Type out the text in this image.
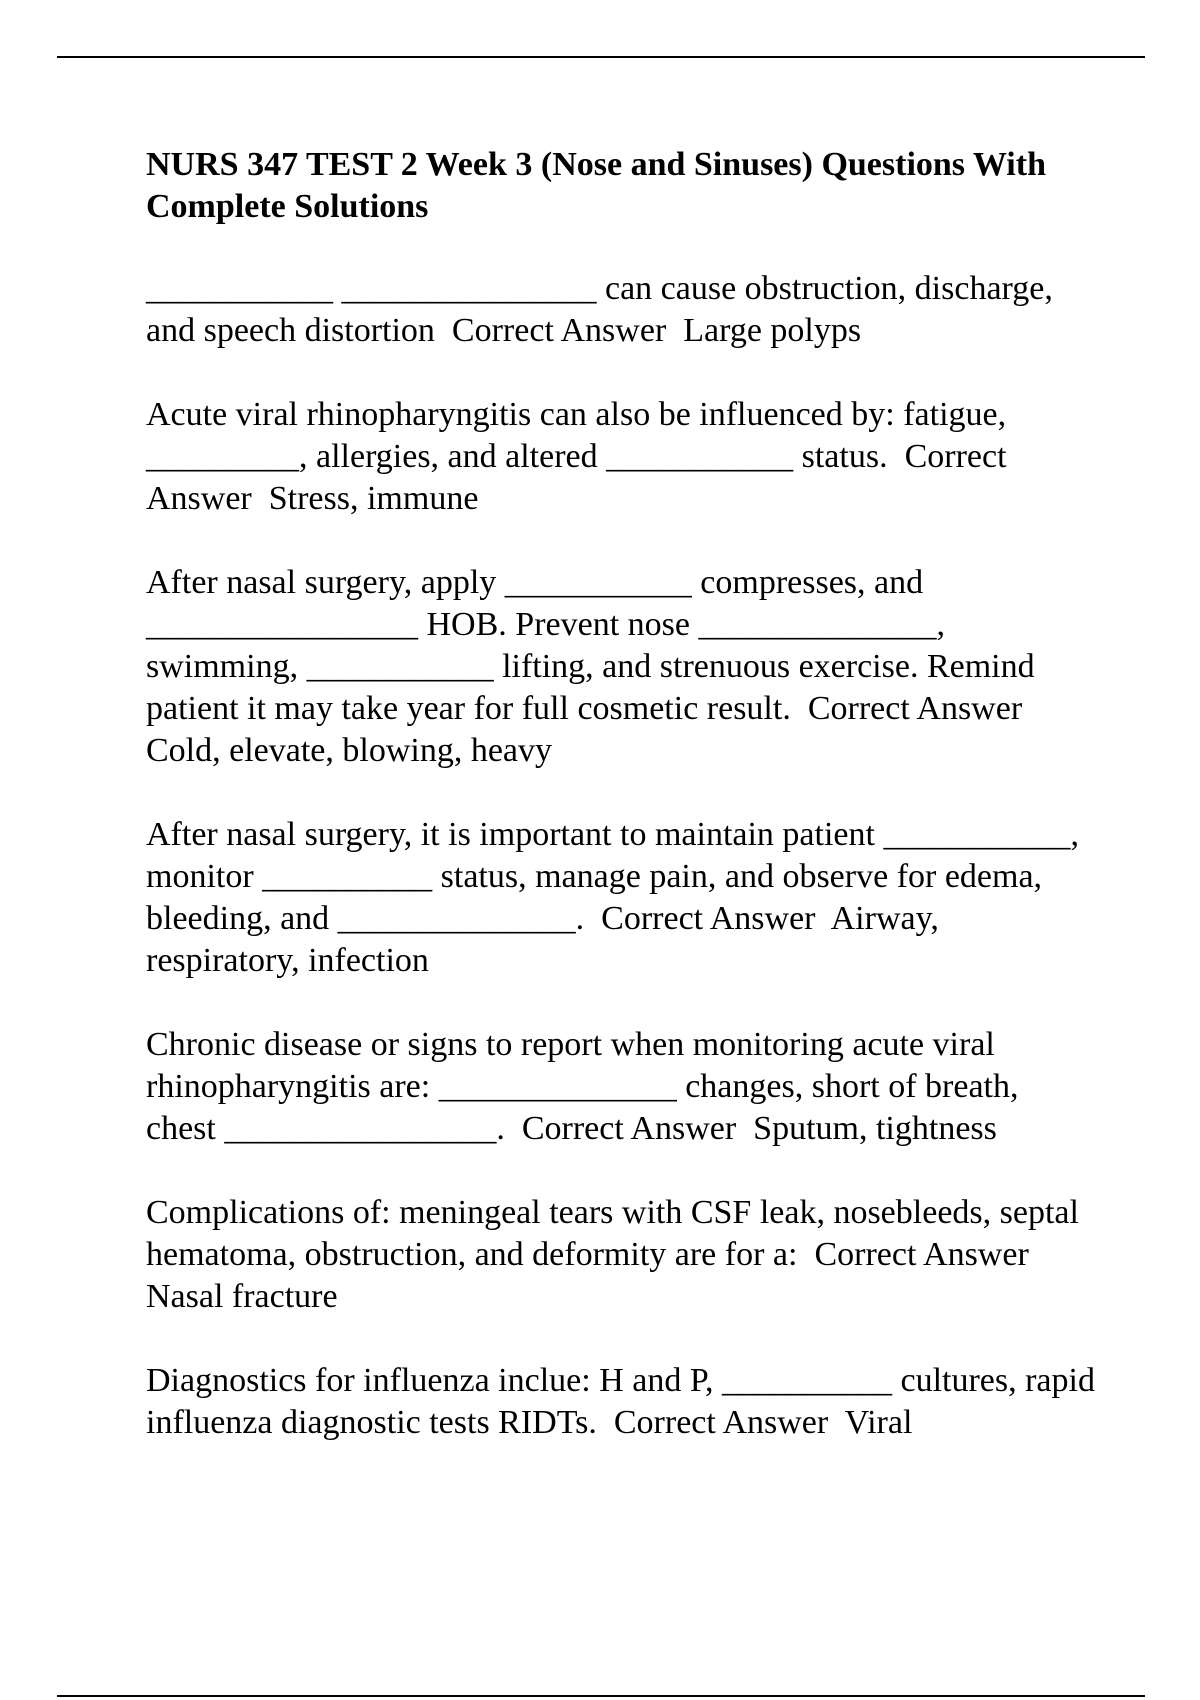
NURS 347 TEST 2 Week 3 (Nose and Sinuses) Questions With Complete Solutions
___________ _______________ can cause obstruction, discharge, and speech distortion  Correct Answer  Large polyps
Acute viral rhinopharyngitis can also be influenced by: fatigue, _________, allergies, and altered ___________ status.  Correct Answer  Stress, immune
After nasal surgery, apply ___________ compresses, and ________________ HOB. Prevent nose ______________, swimming, ___________ lifting, and strenuous exercise. Remind patient it may take year for full cosmetic result.  Correct Answer  Cold, elevate, blowing, heavy
After nasal surgery, it is important to maintain patient ___________, monitor __________ status, manage pain, and observe for edema, bleeding, and ______________.  Correct Answer  Airway, respiratory, infection
Chronic disease or signs to report when monitoring acute viral rhinopharyngitis are: ______________ changes, short of breath, chest ________________.  Correct Answer  Sputum, tightness
Complications of: meningeal tears with CSF leak, nosebleeds, septal hematoma, obstruction, and deformity are for a:  Correct Answer  Nasal fracture
Diagnostics for influenza inclue: H and P, __________ cultures, rapid influenza diagnostic tests RIDTs.  Correct Answer  Viral
